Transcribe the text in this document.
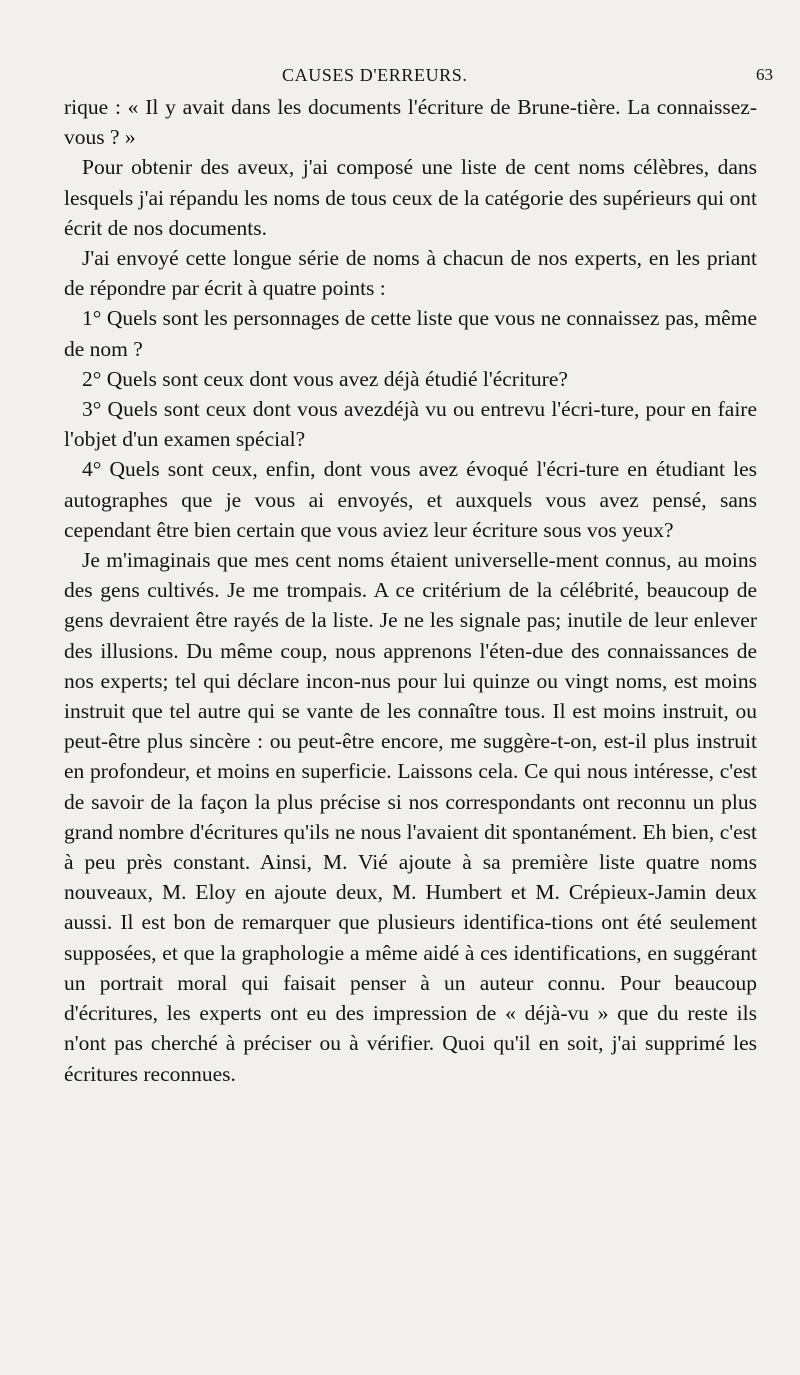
CAUSES D'ERREURS.	63

rique : « Il y avait dans les documents l'écriture de Brune-tière. La connaissez-vous ? »

Pour obtenir des aveux, j'ai composé une liste de cent noms célèbres, dans lesquels j'ai répandu les noms de tous ceux de la catégorie des supérieurs qui ont écrit de nos documents.

J'ai envoyé cette longue série de noms à chacun de nos experts, en les priant de répondre par écrit à quatre points :

1° Quels sont les personnages de cette liste que vous ne connaissez pas, même de nom ?

2° Quels sont ceux dont vous avez déjà étudié l'écriture?

3° Quels sont ceux dont vous avezdéjà vu ou entrevu l'écri-ture, pour en faire l'objet d'un examen spécial?

4° Quels sont ceux, enfin, dont vous avez évoqué l'écri-ture en étudiant les autographes que je vous ai envoyés, et auxquels vous avez pensé, sans cependant être bien certain que vous aviez leur écriture sous vos yeux?

Je m'imaginais que mes cent noms étaient universelle-ment connus, au moins des gens cultivés. Je me trompais. A ce critérium de la célébrité, beaucoup de gens devraient être rayés de la liste. Je ne les signale pas; inutile de leur enlever des illusions. Du même coup, nous apprenons l'éten-due des connaissances de nos experts; tel qui déclare incon-nus pour lui quinze ou vingt noms, est moins instruit que tel autre qui se vante de les connaître tous. Il est moins instruit, ou peut-être plus sincère : ou peut-être encore, me suggère-t-on, est-il plus instruit en profondeur, et moins en superficie. Laissons cela. Ce qui nous intéresse, c'est de savoir de la façon la plus précise si nos correspondants ont reconnu un plus grand nombre d'écritures qu'ils ne nous l'avaient dit spontanément. Eh bien, c'est à peu près constant. Ainsi, M. Vié ajoute à sa première liste quatre noms nouveaux, M. Eloy en ajoute deux, M. Humbert et M. Crépieux-Jamin deux aussi. Il est bon de remarquer que plusieurs identifica-tions ont été seulement supposées, et que la graphologie a même aidé à ces identifications, en suggérant un portrait moral qui faisait penser à un auteur connu. Pour beaucoup d'écritures, les experts ont eu des impression de « déjà-vu » que du reste ils n'ont pas cherché à préciser ou à vérifier. Quoi qu'il en soit, j'ai supprimé les écritures reconnues.
